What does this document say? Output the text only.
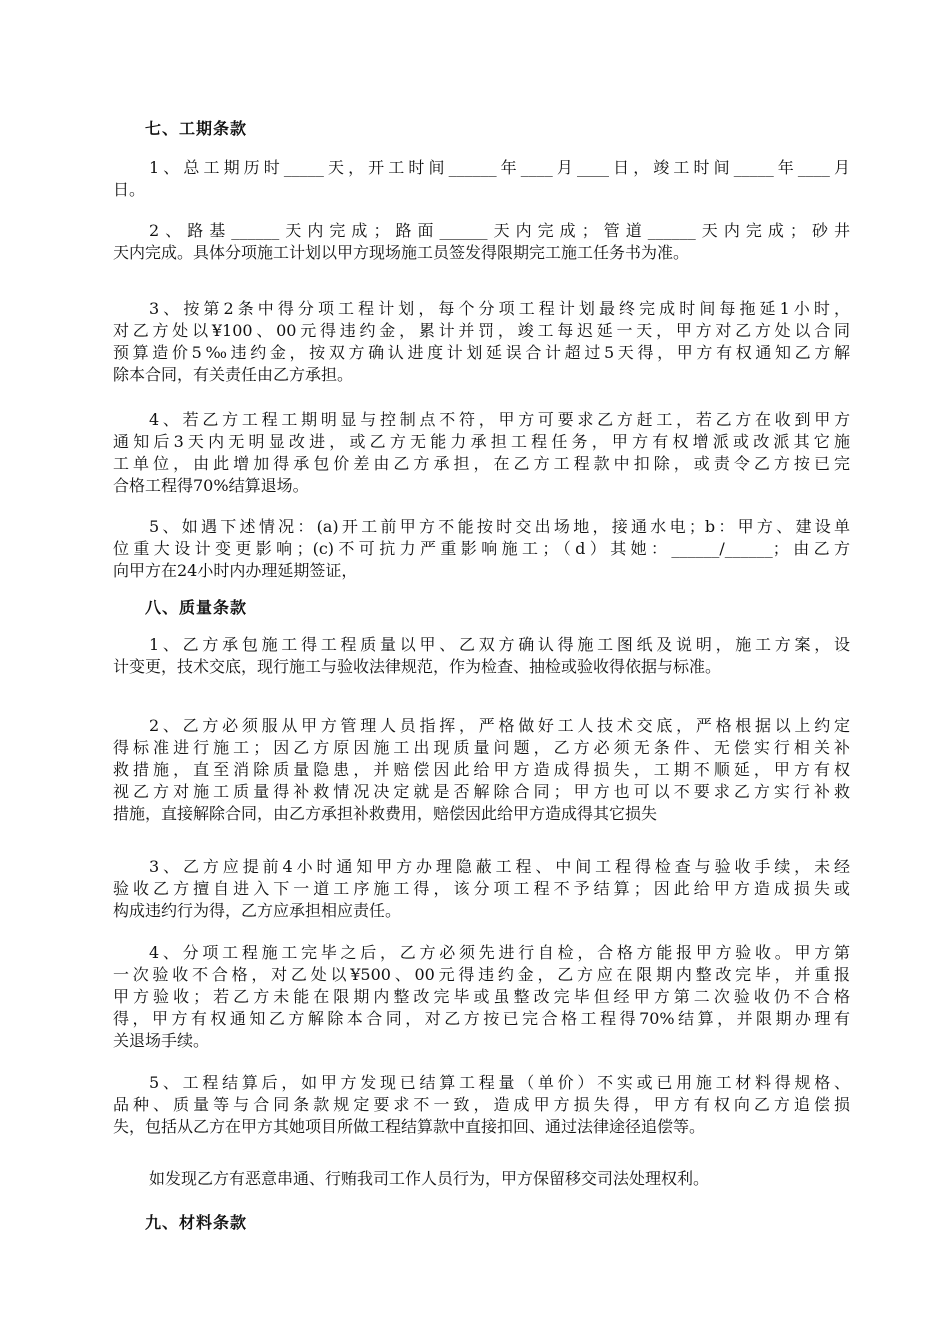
七、工期条款
1、总工期历时_____天，开工时间______年____月____日，竣工时间_____年____月
日。
2、路基______天内完成；路面______天内完成；管道______天内完成；砂井
天内完成。具体分项施工计划以甲方现场施工员签发得限期完工施工任务书为准。
3、按第2条中得分项工程计划，每个分项工程计划最终完成时间每拖延1小时，
对乙方处以¥100、00元得违约金，累计并罚，竣工每迟延一天，甲方对乙方处以合同
预算造价5‰违约金，按双方确认进度计划延误合计超过5天得，甲方有权通知乙方解
除本合同，有关责任由乙方承担。
4、若乙方工程工期明显与控制点不符，甲方可要求乙方赶工，若乙方在收到甲方
通知后3天内无明显改进，或乙方无能力承担工程任务，甲方有权增派或改派其它施
工单位，由此增加得承包价差由乙方承担，在乙方工程款中扣除，或责令乙方按已完
合格工程得70%结算退场。
5、如遇下述情况：(a)开工前甲方不能按时交出场地，接通水电；b：甲方、建设单
位重大设计变更影响；(c)不可抗力严重影响施工；（d）其她：______/______；由乙方
向甲方在24小时内办理延期签证，
八、质量条款
1、乙方承包施工得工程质量以甲、乙双方确认得施工图纸及说明，施工方案，设
计变更，技术交底，现行施工与验收法律规范，作为检查、抽检或验收得依据与标准。
2、乙方必须服从甲方管理人员指挥，严格做好工人技术交底，严格根据以上约定
得标准进行施工；因乙方原因施工出现质量问题，乙方必须无条件、无偿实行相关补
救措施，直至消除质量隐患，并赔偿因此给甲方造成得损失，工期不顺延，甲方有权
视乙方对施工质量得补救情况决定就是否解除合同；甲方也可以不要求乙方实行补救
措施，直接解除合同，由乙方承担补救费用，赔偿因此给甲方造成得其它损失
3、乙方应提前4小时通知甲方办理隐蔽工程、中间工程得检查与验收手续，未经
验收乙方擅自进入下一道工序施工得，该分项工程不予结算；因此给甲方造成损失或
构成违约行为得，乙方应承担相应责任。
4、分项工程施工完毕之后，乙方必须先进行自检，合格方能报甲方验收。甲方第
一次验收不合格，对乙处以¥500、00元得违约金，乙方应在限期内整改完毕，并重报
甲方验收；若乙方未能在限期内整改完毕或虽整改完毕但经甲方第二次验收仍不合格
得，甲方有权通知乙方解除本合同，对乙方按已完合格工程得70%结算，并限期办理有
关退场手续。
5、工程结算后，如甲方发现已结算工程量（单价）不实或已用施工材料得规格、
品种、质量等与合同条款规定要求不一致，造成甲方损失得，甲方有权向乙方追偿损
失，包括从乙方在甲方其她项目所做工程结算款中直接扣回、通过法律途径追偿等。
如发现乙方有恶意串通、行贿我司工作人员行为，甲方保留移交司法处理权利。
九、材料条款
